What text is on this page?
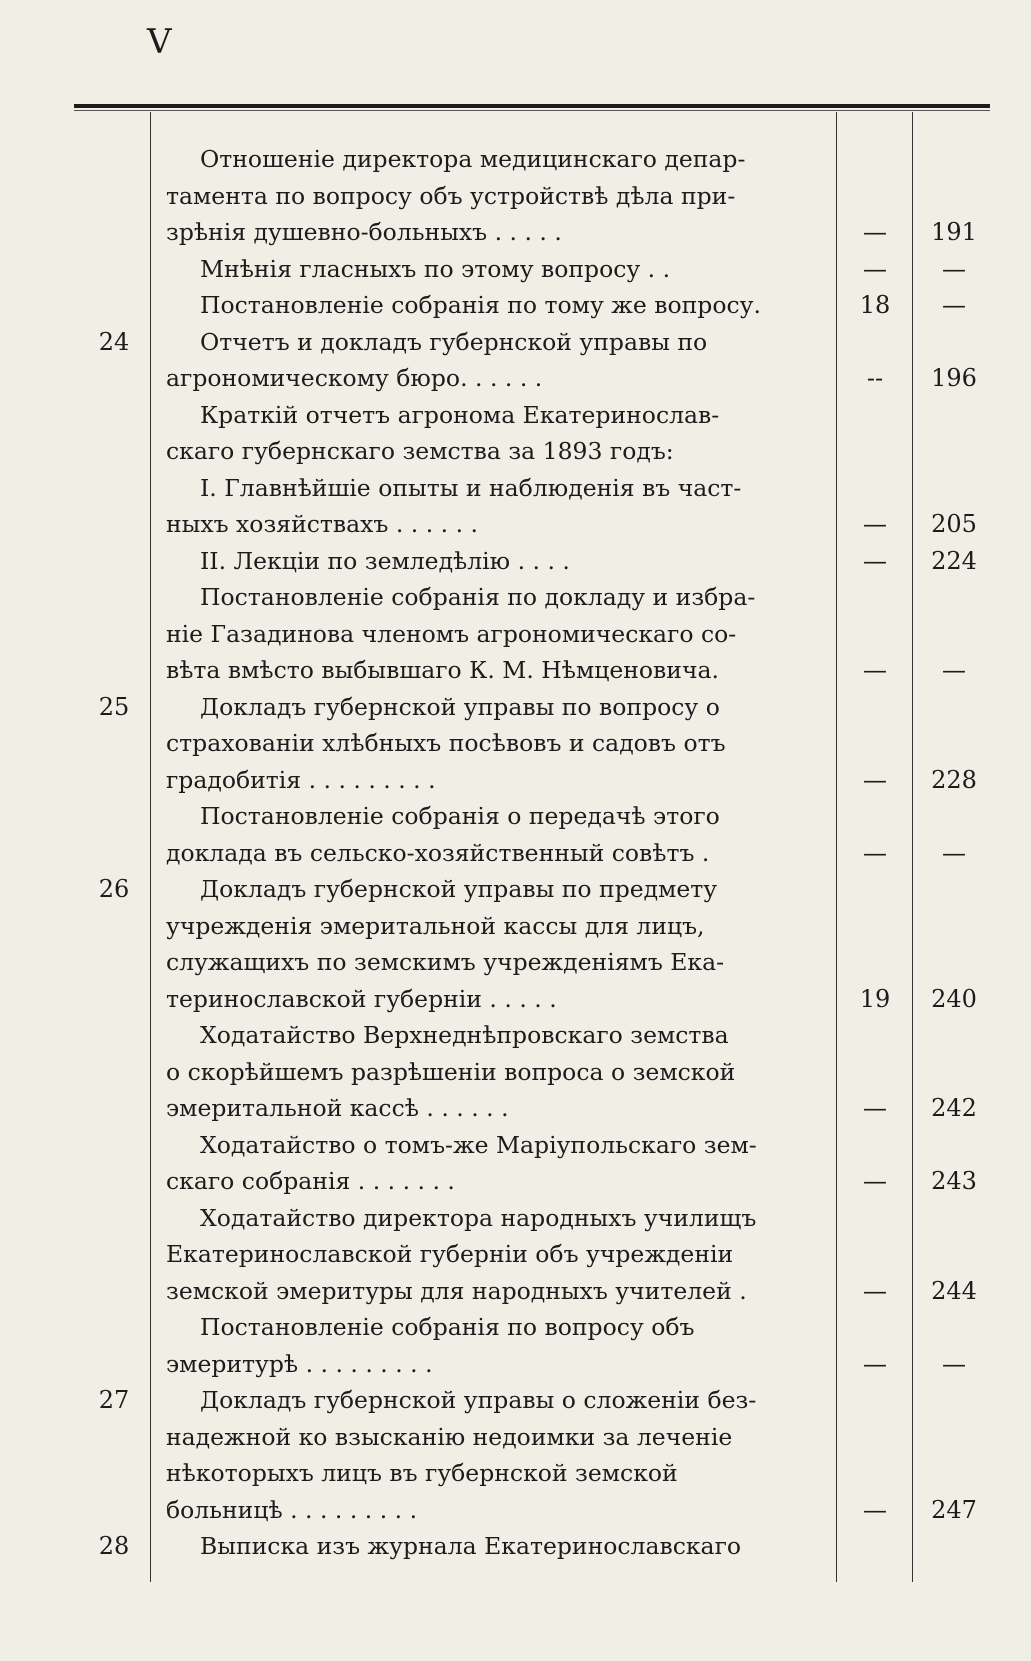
V
Отношеніе директора медицинскаго депар-
тамента по вопросу объ устройствѣ дѣла при-
зрѣнія душевно-больныхъ . . . . .	—	191
Мнѣнія гласныхъ по этому вопросу . .	—	—
Постановленіе собранія по тому же вопросу.	18	—
24	Отчетъ и докладъ губернской управы по
агрономическому бюро. . . . . .	--	196
Краткій отчетъ агронома Екатеринослав-
скаго губернскаго земства за 1893 годъ:
I. Главнѣйшіе опыты и наблюденія въ част-
ныхъ хозяйствахъ . . . . . .	—	205
II. Лекціи по земледѣлію . . . .	—	224
Постановленіе собранія по докладу и избра-
ніе Газадинова членомъ агрономическаго со-
вѣта вмѣсто выбывшаго К. М. Нѣмценовича.	—	—
25	Докладъ губернской управы по вопросу о
страхованіи хлѣбныхъ посѣвовъ и садовъ отъ
градобитія . . . . . . . . .	—	228
Постановленіе собранія о передачѣ этого
доклада въ сельско-хозяйственный совѣтъ .	—	—
26	Докладъ губернской управы по предмету
учрежденія эмеритальной кассы для лицъ,
служащихъ по земскимъ учрежденіямъ Ека-
теринославской губерніи . . . . .	19	240
Ходатайство Верхнеднѣпровскаго земства
о скорѣйшемъ разрѣшеніи вопроса о земской
эмеритальной кассѣ . . . . . .	—	242
Ходатайство о томъ-же Маріупольскаго зем-
скаго собранія . . . . . . .	—	243
Ходатайство директора народныхъ училищъ
Екатеринославской губерніи объ учрежденіи
земской эмеритуры для народныхъ учителей .	—	244
Постановленіе собранія по вопросу объ
эмеритурѣ . . . . . . . . .	—	—
27	Докладъ губернской управы о сложеніи без-
надежной ко взысканію недоимки за леченіе
нѣкоторыхъ лицъ въ губернской земской
больницѣ . . . . . . . . .	—	247
28	Выписка изъ журнала Екатеринославскаго
